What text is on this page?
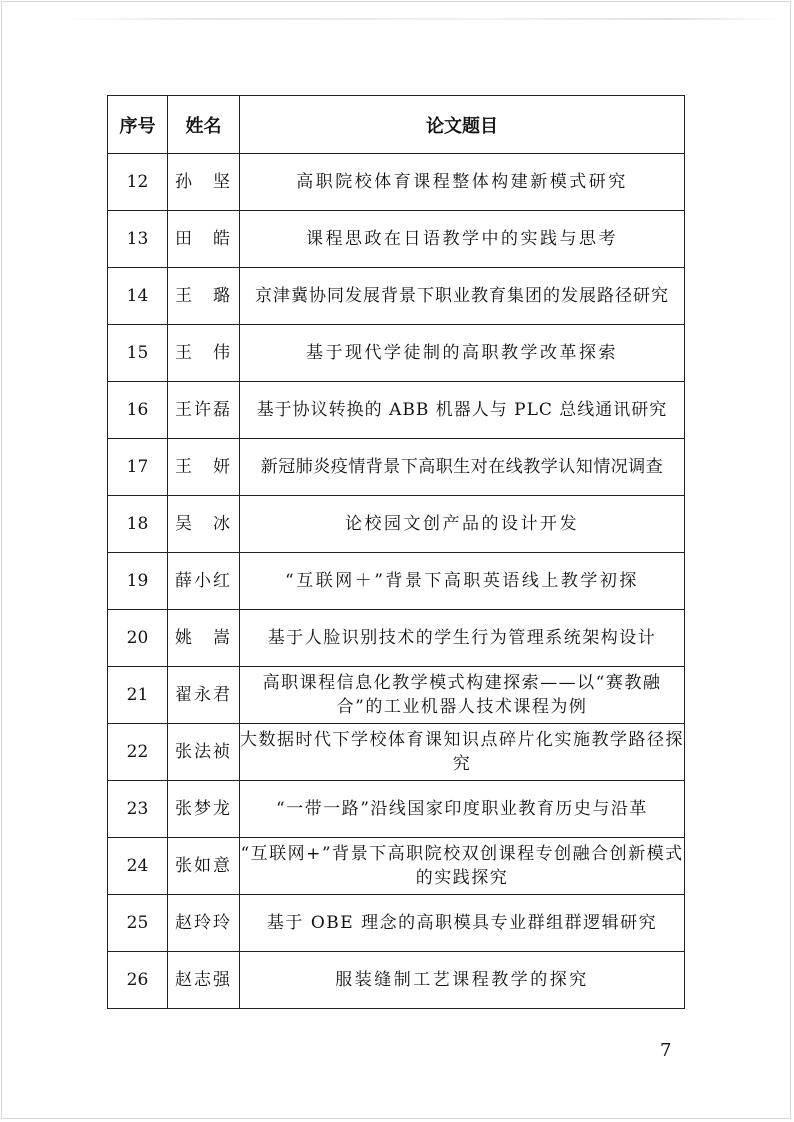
序号	姓名	论文题目
12	孙　坚	高职院校体育课程整体构建新模式研究
13	田　皓	课程思政在日语教学中的实践与思考
14	王　璐	京津冀协同发展背景下职业教育集团的发展路径研究
15	王　伟	基于现代学徒制的高职教学改革探索
16	王许磊	基于协议转换的 ABB 机器人与 PLC 总线通讯研究
17	王　妍	新冠肺炎疫情背景下高职生对在线教学认知情况调查
18	吴　冰	论校园文创产品的设计开发
19	薛小红	“互联网＋”背景下高职英语线上教学初探
20	姚　嵩	基于人脸识别技术的学生行为管理系统架构设计
21	翟永君	高职课程信息化教学模式构建探索——以“赛教融合”的工业机器人技术课程为例
22	张法祯	大数据时代下学校体育课知识点碎片化实施教学路径探究
23	张梦龙	“一带一路”沿线国家印度职业教育历史与沿革
24	张如意	“互联网+”背景下高职院校双创课程专创融合创新模式的实践探究
25	赵玲玲	基于 OBE 理念的高职模具专业群组群逻辑研究
26	赵志强	服装缝制工艺课程教学的探究
7
